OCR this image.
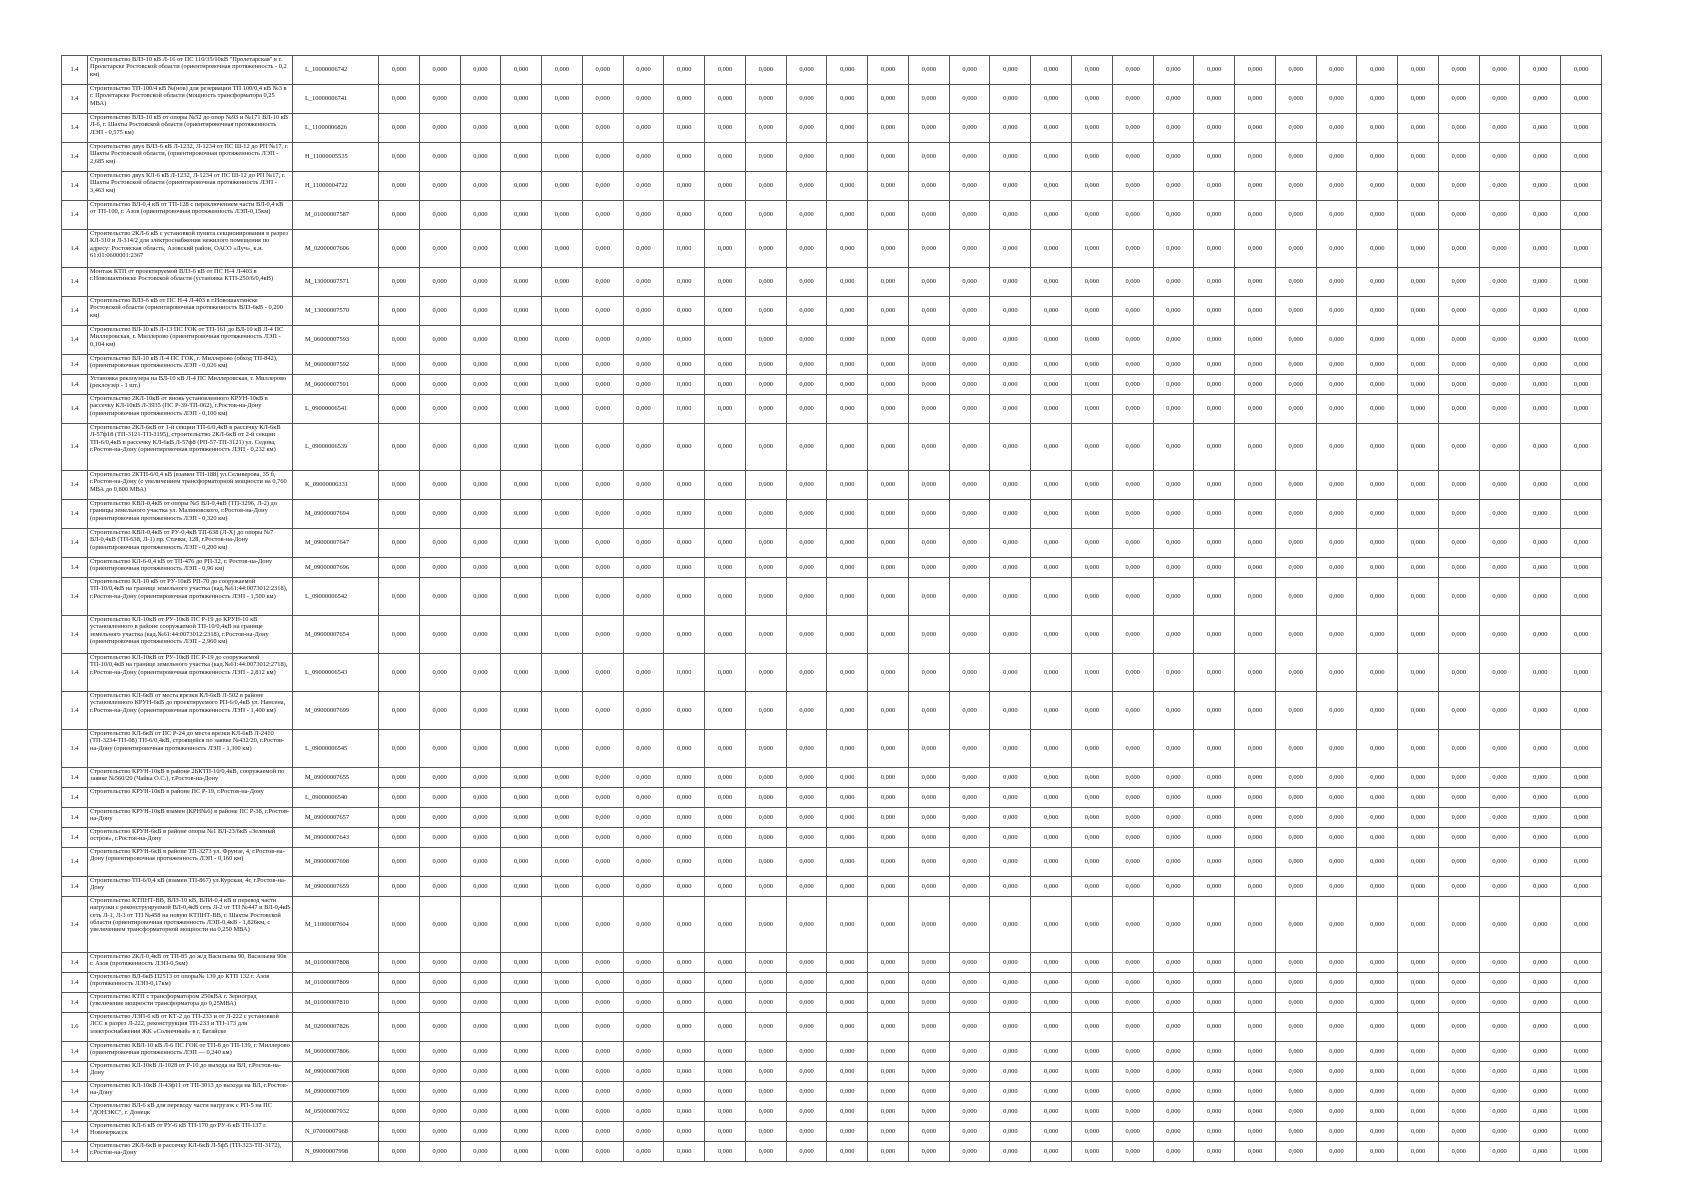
1.4	Строительство ВЛЗ-10 кВ Л-16 от ПС 110/35/10кВ "Пролетарская" в г. Пролетарске Ростовской области (ориентировочная протяженность - 0,2 км)	L_10000006742	0,000	0,000	0,000	0,000	0,000	0,000	0,000	0,000	0,000	0,000	0,000	0,000	0,000	0,000	0,000	0,000	0,000	0,000	0,000	0,000	0,000	0,000	0,000	0,000	0,000	0,000	0,000	0,000	0,000	0,000
1.4	Строительство ТП-100/4 кВ №(нов) для резервации ТП 100/0,4 кВ №3 в г. Пролетарске Ростовской области (мощность трансформатора 0,25 МВА)	L_10000006741	0,000	0,000	0,000	0,000	0,000	0,000	0,000	0,000	0,000	0,000	0,000	0,000	0,000	0,000	0,000	0,000	0,000	0,000	0,000	0,000	0,000	0,000	0,000	0,000	0,000	0,000	0,000	0,000	0,000	0,000
1.4	Строительство ВЛЗ-10 кВ от опоры №52 до опор №93 и №171 ВЛ-10 кВ Л-6, г. Шахты Ростовской области (ориентировочная протяженность ЛЭП - 0,575 км)	L_11000006826	0,000	0,000	0,000	0,000	0,000	0,000	0,000	0,000	0,000	0,000	0,000	0,000	0,000	0,000	0,000	0,000	0,000	0,000	0,000	0,000	0,000	0,000	0,000	0,000	0,000	0,000	0,000	0,000	0,000	0,000
1.4	Строительство двух ВЛЗ-6 кВ Л-1232, Л-1234 от ПС Ш-12 до РП №17, г. Шахты Ростовской области, (ориентировочная протяженность ЛЭП - 2,685 км)	H_11000005535	0,000	0,000	0,000	0,000	0,000	0,000	0,000	0,000	0,000	0,000	0,000	0,000	0,000	0,000	0,000	0,000	0,000	0,000	0,000	0,000	0,000	0,000	0,000	0,000	0,000	0,000	0,000	0,000	0,000	0,000
1.4	Строительство двух КЛ-6 кВ Л-1232, Л-1234 от ПС Ш-12 до РП №17, г. Шахты Ростовской области (ориентировочная протяженность ЛЭП - 3,463 км)	H_11000004722	0,000	0,000	0,000	0,000	0,000	0,000	0,000	0,000	0,000	0,000	0,000	0,000	0,000	0,000	0,000	0,000	0,000	0,000	0,000	0,000	0,000	0,000	0,000	0,000	0,000	0,000	0,000	0,000	0,000	0,000
1.4	Строительство ВЛ-0,4 кВ от ТП-128 с переключением части ВЛ-0,4 кВ от ТП-100, г. Азов (ориентировочная протяженность ЛЭП-0,15км)	M_01000007587	0,000	0,000	0,000	0,000	0,000	0,000	0,000	0,000	0,000	0,000	0,000	0,000	0,000	0,000	0,000	0,000	0,000	0,000	0,000	0,000	0,000	0,000	0,000	0,000	0,000	0,000	0,000	0,000	0,000	0,000
1.4	Строительство 2КЛ-6 кВ с установкой пункта секционирования в разрез КЛ-310 и Л-314/2 для электроснабжения нежилого помещения по адресу: Ростовская область, Азовский район, ОАСО «Луч», к.н. 61:01:0600001:2367	M_02000007606	0,000	0,000	0,000	0,000	0,000	0,000	0,000	0,000	0,000	0,000	0,000	0,000	0,000	0,000	0,000	0,000	0,000	0,000	0,000	0,000	0,000	0,000	0,000	0,000	0,000	0,000	0,000	0,000	0,000	0,000
1.4	Монтаж КТП от проектируемой ВЛЗ-6 кВ от ПС Н-4 Л-403 в г.Новошахтинске Ростовской области (установка КТП-250/6/0,4кВ)	M_13000007571	0,000	0,000	0,000	0,000	0,000	0,000	0,000	0,000	0,000	0,000	0,000	0,000	0,000	0,000	0,000	0,000	0,000	0,000	0,000	0,000	0,000	0,000	0,000	0,000	0,000	0,000	0,000	0,000	0,000	0,000
1.4	Строительство ВЛЗ-6 кВ от ПС Н-4 Л-403 в г.Новошахтинске Ростовской области (ориентировочная протяженность ВЛЗ-6кВ - 0,200 км)	M_13000007570	0,000	0,000	0,000	0,000	0,000	0,000	0,000	0,000	0,000	0,000	0,000	0,000	0,000	0,000	0,000	0,000	0,000	0,000	0,000	0,000	0,000	0,000	0,000	0,000	0,000	0,000	0,000	0,000	0,000	0,000
1.4	Строительство ВЛ-10 кВ Л-13 ПС ГОК от ТП-161 до ВЛ-10 кВ Л-4 ПС Миллеровская, г. Миллерово (ориентировочная протяженность ЛЭП - 0,104 км)	M_06000007593	0,000	0,000	0,000	0,000	0,000	0,000	0,000	0,000	0,000	0,000	0,000	0,000	0,000	0,000	0,000	0,000	0,000	0,000	0,000	0,000	0,000	0,000	0,000	0,000	0,000	0,000	0,000	0,000	0,000	0,000
1.4	Строительство ВЛ-10 кВ Л-4 ПС ГОК, г. Миллерово (обход ТП-842), (ориентировочная протяженность ЛЭП - 0,026 км)	M_06000007592	0,000	0,000	0,000	0,000	0,000	0,000	0,000	0,000	0,000	0,000	0,000	0,000	0,000	0,000	0,000	0,000	0,000	0,000	0,000	0,000	0,000	0,000	0,000	0,000	0,000	0,000	0,000	0,000	0,000	0,000
1.4	Установка реклоузера на ВЛ-10 кВ Л-4 ПС Миллеровская, г. Миллерово (реклоузер - 1 шт.)	M_06000007591	0,000	0,000	0,000	0,000	0,000	0,000	0,000	0,000	0,000	0,000	0,000	0,000	0,000	0,000	0,000	0,000	0,000	0,000	0,000	0,000	0,000	0,000	0,000	0,000	0,000	0,000	0,000	0,000	0,000	0,000
1.4	Строительство 2КЛ-10кВ от вновь установленного КРУН-10кВ в рассечку КЛ-10кВ Л-3935 (ПС Р-39-ТП-062), г.Ростов-на-Дону (ориентировочная протяженность ЛЭП - 0,100 км)	L_09000006541	0,000	0,000	0,000	0,000	0,000	0,000	0,000	0,000	0,000	0,000	0,000	0,000	0,000	0,000	0,000	0,000	0,000	0,000	0,000	0,000	0,000	0,000	0,000	0,000	0,000	0,000	0,000	0,000	0,000	0,000
1.4	Строительство 2КЛ-6кВ от 1-й секции ТП-6/0,4кВ в рассечку КЛ-6кВ Л-57ф18 (ТП-3121-ТП-3195), строительство 2КЛ-6кВ от 2-й секции ТП-6/0,4кВ в рассечку КЛ-6кВ Л-57ф8 (РП-57-ТП-3121) ул. Седова, г.Ростов-на-Дону (ориентировочная протяженность ЛЭП - 0,232 км)	L_09000006539	0,000	0,000	0,000	0,000	0,000	0,000	0,000	0,000	0,000	0,000	0,000	0,000	0,000	0,000	0,000	0,000	0,000	0,000	0,000	0,000	0,000	0,000	0,000	0,000	0,000	0,000	0,000	0,000	0,000	0,000
1.4	Строительство 2КТП-6/0,4 кВ (взамен ТП-188) ул.Селиверова, 35 б, г.Ростов-на-Дону (с увеличением трансформаторной мощности на 0,760 МВА до 0,800 МВА)	K_09000006331	0,000	0,000	0,000	0,000	0,000	0,000	0,000	0,000	0,000	0,000	0,000	0,000	0,000	0,000	0,000	0,000	0,000	0,000	0,000	0,000	0,000	0,000	0,000	0,000	0,000	0,000	0,000	0,000	0,000	0,000
1.4	Строительство КВЛ-0,4кВ от опоры №5 ВЛ-0,4кВ (ТП-3296, Л-2) до границы земельного участка ул. Малиновского, г.Ростов-на-Дону (ориентировочная протяженность ЛЭП - 0,320 км)	M_09000007694	0,000	0,000	0,000	0,000	0,000	0,000	0,000	0,000	0,000	0,000	0,000	0,000	0,000	0,000	0,000	0,000	0,000	0,000	0,000	0,000	0,000	0,000	0,000	0,000	0,000	0,000	0,000	0,000	0,000	0,000
1.4	Строительство КВЛ-0,4кВ от РУ-0,4кВ ТП-638 (Л-Х) до опоры №7 ВЛ-0,4кВ (ТП-638, Л-1) пр. Стачки, 128, г.Ростов-на-Дону (ориентировочная протяженность ЛЭП - 0,200 км)	M_09000007647	0,000	0,000	0,000	0,000	0,000	0,000	0,000	0,000	0,000	0,000	0,000	0,000	0,000	0,000	0,000	0,000	0,000	0,000	0,000	0,000	0,000	0,000	0,000	0,000	0,000	0,000	0,000	0,000	0,000	0,000
1.4	Строительство КЛ-6-0,4 кВ от ТП-476 до РП-32, г. Ростов-на-Дону (ориентировочная протяженность ЛЭП - 0,96 км)	M_09000007696	0,000	0,000	0,000	0,000	0,000	0,000	0,000	0,000	0,000	0,000	0,000	0,000	0,000	0,000	0,000	0,000	0,000	0,000	0,000	0,000	0,000	0,000	0,000	0,000	0,000	0,000	0,000	0,000	0,000	0,000
1.4	Строительство КЛ-10 кВ от РУ-10кВ РП-70 до сооружаемой ТП-10/0,4кВ на границе земельного участка (кад.№61:44:0073012:2318), г.Ростов-на-Дону (ориентировочная протяженность ЛЭП - 1,500 км)	L_09000006542	0,000	0,000	0,000	0,000	0,000	0,000	0,000	0,000	0,000	0,000	0,000	0,000	0,000	0,000	0,000	0,000	0,000	0,000	0,000	0,000	0,000	0,000	0,000	0,000	0,000	0,000	0,000	0,000	0,000	0,000
1.4	Строительство КЛ-10кВ от РУ-10кВ ПС Р-19 до КРУН-10 кВ установленного в районе сооружаемой ТП-10/0,4кВ на границе земельного участка (кад.№61:44:0073012:2318), г.Ростов-на-Дону (ориентировочная протяженность ЛЭП - 2,960 км)	M_09000007654	0,000	0,000	0,000	0,000	0,000	0,000	0,000	0,000	0,000	0,000	0,000	0,000	0,000	0,000	0,000	0,000	0,000	0,000	0,000	0,000	0,000	0,000	0,000	0,000	0,000	0,000	0,000	0,000	0,000	0,000
1.4	Строительство КЛ-10кВ от РУ-10кВ ПС Р-19 до сооружаемой ТП-10/0,4кВ на границе земельного участка (кад.№61:44:0073012:2718), г.Ростов-на-Дону (ориентировочная протяженность ЛЭП - 2,812 км)	L_09000006543	0,000	0,000	0,000	0,000	0,000	0,000	0,000	0,000	0,000	0,000	0,000	0,000	0,000	0,000	0,000	0,000	0,000	0,000	0,000	0,000	0,000	0,000	0,000	0,000	0,000	0,000	0,000	0,000	0,000	0,000
1.4	Строительство КЛ-6кВ от места врезки КЛ-6кВ Л-502 в районе установленного КРУН-6кВ до проектируемого РП-6/0,4кВ ул. Нансена, г.Ростов-на-Дону (ориентировочная протяженность ЛЭП - 1,400 км)	M_09000007699	0,000	0,000	0,000	0,000	0,000	0,000	0,000	0,000	0,000	0,000	0,000	0,000	0,000	0,000	0,000	0,000	0,000	0,000	0,000	0,000	0,000	0,000	0,000	0,000	0,000	0,000	0,000	0,000	0,000	0,000
1.4	Строительство КЛ-6кВ от ПС Р-24 до места врезки КЛ-6кВ Л-2410 (ТП-3234-ТП-08) ТП-6/0,4кВ, строящейся по заявке №432/20, г.Ростов-на-Дону (ориентировочная протяженность ЛЭП - 1,300 км)	L_09000006545	0,000	0,000	0,000	0,000	0,000	0,000	0,000	0,000	0,000	0,000	0,000	0,000	0,000	0,000	0,000	0,000	0,000	0,000	0,000	0,000	0,000	0,000	0,000	0,000	0,000	0,000	0,000	0,000	0,000	0,000
1.4	Строительство КРУН-10кВ в районе 2БКТП-10/0,4кВ, сооружаемой по заявке №560/20 (Чайка О.С.), г.Ростов-на-Дону	M_09000007655	0,000	0,000	0,000	0,000	0,000	0,000	0,000	0,000	0,000	0,000	0,000	0,000	0,000	0,000	0,000	0,000	0,000	0,000	0,000	0,000	0,000	0,000	0,000	0,000	0,000	0,000	0,000	0,000	0,000	0,000
1.4	Строительство КРУН-10кВ в районе ПС Р-19, г.Ростов-на-Дону	L_09000006540	0,000	0,000	0,000	0,000	0,000	0,000	0,000	0,000	0,000	0,000	0,000	0,000	0,000	0,000	0,000	0,000	0,000	0,000	0,000	0,000	0,000	0,000	0,000	0,000	0,000	0,000	0,000	0,000	0,000	0,000
1.4	Строительство КРУН-10кВ взамен (КРН№6) в районе ПС Р-38, г.Ростов-на-Дону	M_09000007657	0,000	0,000	0,000	0,000	0,000	0,000	0,000	0,000	0,000	0,000	0,000	0,000	0,000	0,000	0,000	0,000	0,000	0,000	0,000	0,000	0,000	0,000	0,000	0,000	0,000	0,000	0,000	0,000	0,000	0,000
1.4	Строительство КРУН-6кВ в районе опоры №1 ВЛ-23/6кВ «Зеленый остров», г.Ростов-на-Дону	M_09000007643	0,000	0,000	0,000	0,000	0,000	0,000	0,000	0,000	0,000	0,000	0,000	0,000	0,000	0,000	0,000	0,000	0,000	0,000	0,000	0,000	0,000	0,000	0,000	0,000	0,000	0,000	0,000	0,000	0,000	0,000
1.4	Строительство КРУН-6кВ в районе ТП-3273 ул. Фрунзе, 4, г.Ростов-на-Дону (ориентировочная протяженность ЛЭП - 0,160 км)	M_09000007698	0,000	0,000	0,000	0,000	0,000	0,000	0,000	0,000	0,000	0,000	0,000	0,000	0,000	0,000	0,000	0,000	0,000	0,000	0,000	0,000	0,000	0,000	0,000	0,000	0,000	0,000	0,000	0,000	0,000	0,000
1.4	Строительство ТП-6/0,4 кВ (взамен ТП-867) ул.Курская, 4г, г.Ростов-на-Дону	M_09000007659	0,000	0,000	0,000	0,000	0,000	0,000	0,000	0,000	0,000	0,000	0,000	0,000	0,000	0,000	0,000	0,000	0,000	0,000	0,000	0,000	0,000	0,000	0,000	0,000	0,000	0,000	0,000	0,000	0,000	0,000
1.4	Строительство КТПНТ-ВВ, ВЛЗ-10 кВ, ВЛИ-0,4 кВ и перевод части нагрузки с реконструируемой ВЛ-0,4кВ сеть Л-2 от ТП №447 и ВЛ-0,4кВ сеть Л-1, Л-3 от ТП №458 на новую КТПНТ-ВВ, г. Шахты Ростовской области (ориентировочная протяженность ЛЭП-0,4кВ - 1,826км, с увеличением трансформаторной мощности на 0,250 МВА)	M_11000007604	0,000	0,000	0,000	0,000	0,000	0,000	0,000	0,000	0,000	0,000	0,000	0,000	0,000	0,000	0,000	0,000	0,000	0,000	0,000	0,000	0,000	0,000	0,000	0,000	0,000	0,000	0,000	0,000	0,000	0,000
1.4	Строительство 2КЛ-0,4кВ от ТП-85 до ж/д Васильева 90, Васильева 90в г. Азов (протяженность ЛЭП-0,5км)	M_01000007808	0,000	0,000	0,000	0,000	0,000	0,000	0,000	0,000	0,000	0,000	0,000	0,000	0,000	0,000	0,000	0,000	0,000	0,000	0,000	0,000	0,000	0,000	0,000	0,000	0,000	0,000	0,000	0,000	0,000	0,000
1.4	Строительство ВЛ-6кВ П2513 от опоры№ 139 до КТП 132 г. Азов (протяженность ЛЭП-0,17км)	M_01000007809	0,000	0,000	0,000	0,000	0,000	0,000	0,000	0,000	0,000	0,000	0,000	0,000	0,000	0,000	0,000	0,000	0,000	0,000	0,000	0,000	0,000	0,000	0,000	0,000	0,000	0,000	0,000	0,000	0,000	0,000
1.4	Строительство КТП с трансформатором 250кВА г. Зерноград (увеличение мощности трансформатора до 0,25МВА)	M_01000007810	0,000	0,000	0,000	0,000	0,000	0,000	0,000	0,000	0,000	0,000	0,000	0,000	0,000	0,000	0,000	0,000	0,000	0,000	0,000	0,000	0,000	0,000	0,000	0,000	0,000	0,000	0,000	0,000	0,000	0,000
1.6	Строительство ЛЭП-6 кВ от КТ-2 до ТП-233 и от Л-222 с установкой ЛСС в разрез Л-222, реконструкция ТП-233 и ТП-173 для электроснабжения ЖК «Солнечный» в г. Батайске	M_02000007826	0,000	0,000	0,000	0,000	0,000	0,000	0,000	0,000	0,000	0,000	0,000	0,000	0,000	0,000	0,000	0,000	0,000	0,000	0,000	0,000	0,000	0,000	0,000	0,000	0,000	0,000	0,000	0,000	0,000	0,000
1.4	Строительство КВЛ-10 кВ Л-6 ПС ГОК от ТП-8 до ТП-139, г. Миллерово (ориентировочная протяженность ЛЭП — 0,240 км)	M_06000007806	0,000	0,000	0,000	0,000	0,000	0,000	0,000	0,000	0,000	0,000	0,000	0,000	0,000	0,000	0,000	0,000	0,000	0,000	0,000	0,000	0,000	0,000	0,000	0,000	0,000	0,000	0,000	0,000	0,000	0,000
1.4	Строительство КЛ-10кВ Л-1028 от Р-10 до выхода на ВЛ, г.Ростов-на-Дону	M_09000007908	0,000	0,000	0,000	0,000	0,000	0,000	0,000	0,000	0,000	0,000	0,000	0,000	0,000	0,000	0,000	0,000	0,000	0,000	0,000	0,000	0,000	0,000	0,000	0,000	0,000	0,000	0,000	0,000	0,000	0,000
1.4	Строительство КЛ-10кВ Л-43ф11 от ТП-3013 до выхода на ВЛ, г.Ростов-на-Дону	M_09000007909	0,000	0,000	0,000	0,000	0,000	0,000	0,000	0,000	0,000	0,000	0,000	0,000	0,000	0,000	0,000	0,000	0,000	0,000	0,000	0,000	0,000	0,000	0,000	0,000	0,000	0,000	0,000	0,000	0,000	0,000
1.4	Строительство ВЛ-6 кВ для переводу части нагрузок с РП-5 на ПС "ДОНЭКС", г. Донецк	M_05000007932	0,000	0,000	0,000	0,000	0,000	0,000	0,000	0,000	0,000	0,000	0,000	0,000	0,000	0,000	0,000	0,000	0,000	0,000	0,000	0,000	0,000	0,000	0,000	0,000	0,000	0,000	0,000	0,000	0,000	0,000
1.4	Строительство КЛ-6 кВ от РУ-6 кВ ТП-170 до РУ-6 кВ ТП-137 г. Новочеркасск	N_07000007968	0,000	0,000	0,000	0,000	0,000	0,000	0,000	0,000	0,000	0,000	0,000	0,000	0,000	0,000	0,000	0,000	0,000	0,000	0,000	0,000	0,000	0,000	0,000	0,000	0,000	0,000	0,000	0,000	0,000	0,000
1.4	Строительство 2КЛ-6кВ в рассечку КЛ-6кВ Л-5ф5 (ТП-323-ТП-3172), г.Ростов-на-Дону	N_09000007998	0,000	0,000	0,000	0,000	0,000	0,000	0,000	0,000	0,000	0,000	0,000	0,000	0,000	0,000	0,000	0,000	0,000	0,000	0,000	0,000	0,000	0,000	0,000	0,000	0,000	0,000	0,000	0,000	0,000	0,000
